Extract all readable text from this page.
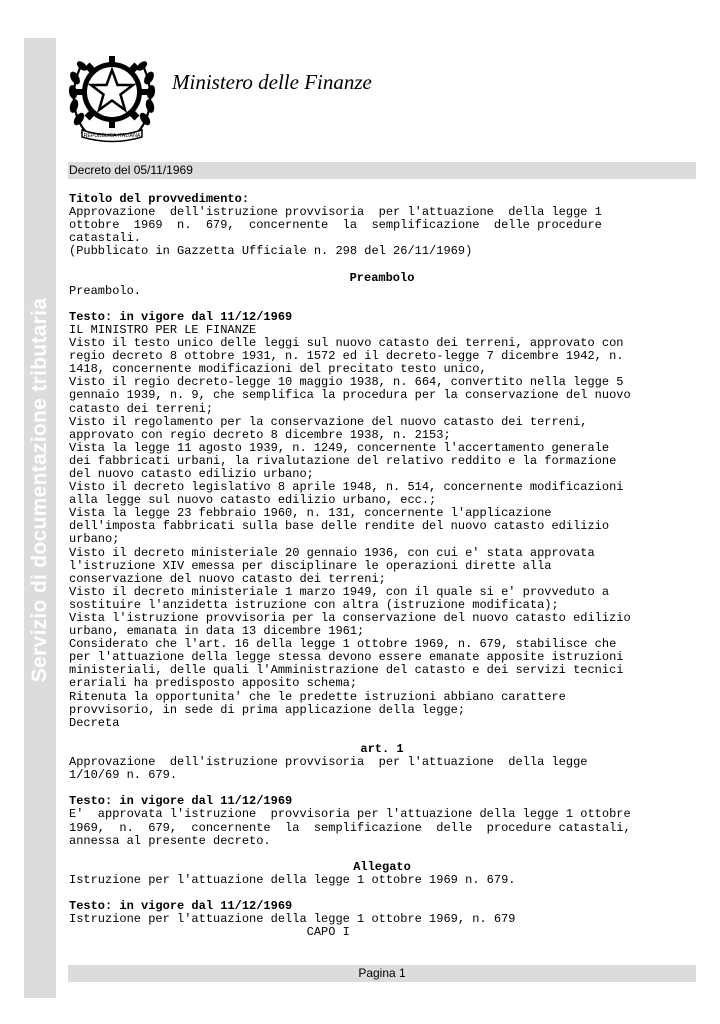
Servizio di documentazione tributaria
REPUBBLICA ITALIANA
Ministero delle Finanze
Decreto del 05/11/1969
Titolo del provvedimento:
Approvazione  dell'istruzione provvisoria  per l'attuazione  della legge 1
ottobre  1969  n.  679,  concernente  la  semplificazione  delle procedure
catastali.
(Pubblicato in Gazzetta Ufficiale n. 298 del 26/11/1969)
Preambolo
Preambolo.
Testo: in vigore dal 11/12/1969
IL MINISTRO PER LE FINANZE
Visto il testo unico delle leggi sul nuovo catasto dei terreni, approvato con
regio decreto 8 ottobre 1931, n. 1572 ed il decreto-legge 7 dicembre 1942, n.
1418, concernente modificazioni del precitato testo unico,
Visto il regio decreto-legge 10 maggio 1938, n. 664, convertito nella legge 5
gennaio 1939, n. 9, che semplifica la procedura per la conservazione del nuovo
catasto dei terreni;
Visto il regolamento per la conservazione del nuovo catasto dei terreni,
approvato con regio decreto 8 dicembre 1938, n. 2153;
Vista la legge 11 agosto 1939, n. 1249, concernente l'accertamento generale
dei fabbricati urbani, la rivalutazione del relativo reddito e la formazione
del nuovo catasto edilizio urbano;
Visto il decreto legislativo 8 aprile 1948, n. 514, concernente modificazioni
alla legge sul nuovo catasto edilizio urbano, ecc.;
Vista la legge 23 febbraio 1960, n. 131, concernente l'applicazione
dell'imposta fabbricati sulla base delle rendite del nuovo catasto edilizio
urbano;
Visto il decreto ministeriale 20 gennaio 1936, con cui e' stata approvata
l'istruzione XIV emessa per disciplinare le operazioni dirette alla
conservazione del nuovo catasto dei terreni;
Visto il decreto ministeriale 1 marzo 1949, con il quale si e' provveduto a
sostituire l'anzidetta istruzione con altra (istruzione modificata);
Vista l'istruzione provvisoria per la conservazione del nuovo catasto edilizio
urbano, emanata in data 13 dicembre 1961;
Considerato che l'art. 16 della legge 1 ottobre 1969, n. 679, stabilisce che
per l'attuazione della legge stessa devono essere emanate apposite istruzioni
ministeriali, delle quali l'Amministrazione del catasto e dei servizi tecnici
erariali ha predisposto apposito schema;
Ritenuta la opportunita' che le predette istruzioni abbiano carattere
provvisorio, in sede di prima applicazione della legge;
Decreta
art. 1
Approvazione  dell'istruzione provvisoria  per l'attuazione  della legge
1/10/69 n. 679.
Testo: in vigore dal 11/12/1969
E'  approvata l'istruzione  provvisoria per l'attuazione della legge 1 ottobre
1969,  n.  679,  concernente  la  semplificazione  delle  procedure catastali,
annessa al presente decreto.
Allegato
Istruzione per l'attuazione della legge 1 ottobre 1969 n. 679.
Testo: in vigore dal 11/12/1969
Istruzione per l'attuazione della legge 1 ottobre 1969, n. 679
CAPO I
Pagina 1
